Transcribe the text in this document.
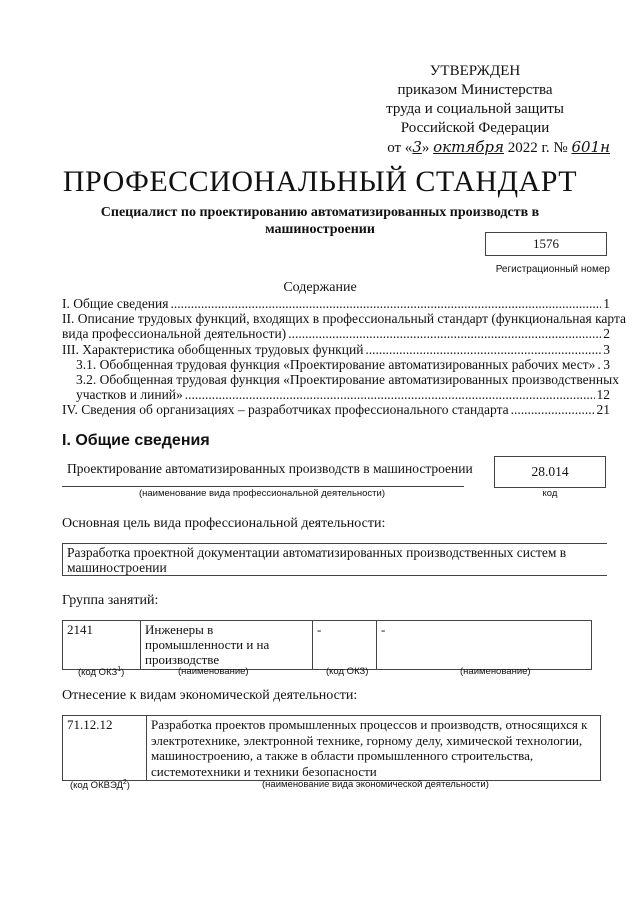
УТВЕРЖДЕН
приказом Министерства
труда и социальной защиты
Российской Федерации
от «3» октября 2022 г. № 601н
ПРОФЕССИОНАЛЬНЫЙ СТАНДАРТ
Специалист по проектированию автоматизированных производств в машиностроении
1576
Регистрационный номер
Содержание
I. Общие сведения .....	1
II. Описание трудовых функций, входящих в профессиональный стандарт (функциональная карта
вида профессиональной деятельности) .....	2
III. Характеристика обобщенных трудовых функций .....	3
3.1. Обобщенная трудовая функция «Проектирование автоматизированных рабочих мест» ..... 3
3.2. Обобщенная трудовая функция «Проектирование автоматизированных производственных
участков и линий» .....	12
IV. Сведения об организациях – разработчиках профессионального стандарта .....	21
I. Общие сведения
Проектирование автоматизированных производств в машиностроении
(наименование вида профессиональной деятельности)
28.014
код
Основная цель вида профессиональной деятельности:
Разработка проектной документации автоматизированных производственных систем в машиностроении
Группа занятий:
2141	Инженеры в промышленности и на производстве	-	-
(код ОКЗ$^1$)	(наименование)	(код ОКЗ)	(наименование)
Отнесение к видам экономической деятельности:
71.12.12	Разработка проектов промышленных процессов и производств, относящихся к электротехнике, электронной технике, горному делу, химической технологии, машиностроению, а также в области промышленного строительства, системотехники и техники безопасности
(код ОКВЭД$^2$)	(наименование вида экономической деятельности)
